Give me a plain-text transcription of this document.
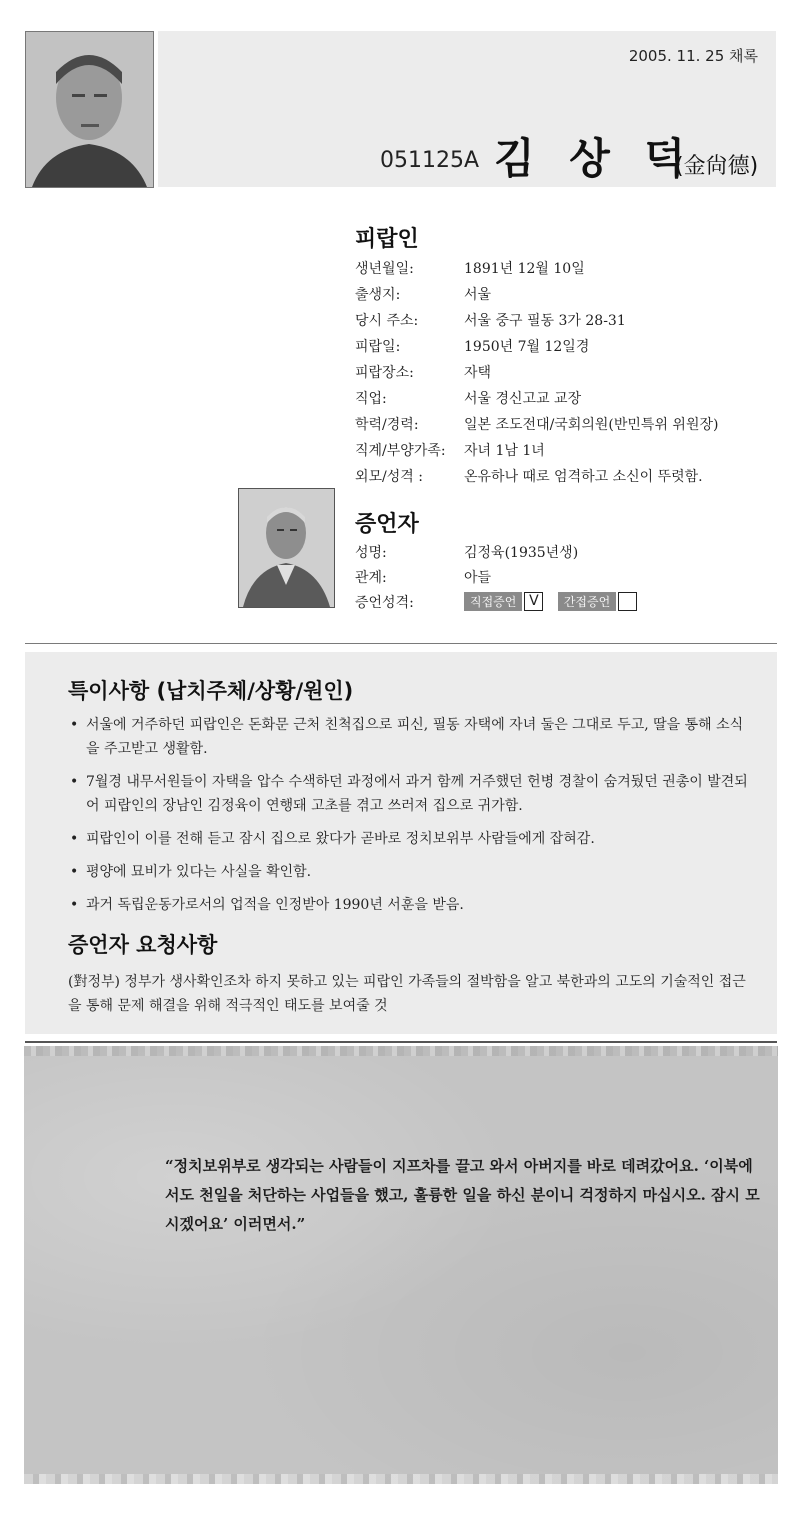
2005. 11. 25 채록
051125A 김 상 덕
(金尙德)
피랍인
생년월일:	1891년 12월 10일
출생지:	서울
당시 주소:	서울 중구 필동 3가 28-31
피랍일:	1950년 7월 12일경
피랍장소:	자택
직업:	서울 경신고교 교장
학력/경력:	일본 조도전대/국회의원(반민특위 위원장)
직계/부양가족: 자녀 1남 1녀
외모/성격 :	온유하나 때로 엄격하고 소신이 뚜렷함.
증언자
성명:	김정육(1935년생)
관계:	아들
증언성격:	직접증언 V 간접증언
특이사항 (납치주체/상황/원인)
• 서울에 거주하던 피랍인은 돈화문 근처 친척집으로 피신, 필동 자택에 자녀 둘은 그대로 두고, 딸을 통해 소식을 주고받고 생활함.
• 7월경 내무서원들이 자택을 압수 수색하던 과정에서 과거 함께 거주했던 헌병 경찰이 숨겨뒀던 권총이 발견되어 피랍인의 장남인 김정육이 연행돼 고초를 겪고 쓰러져 집으로 귀가함.
• 피랍인이 이를 전해 듣고 잠시 집으로 왔다가 곧바로 정치보위부 사람들에게 잡혀감.
• 평양에 묘비가 있다는 사실을 확인함.
• 과거 독립운동가로서의 업적을 인정받아 1990년 서훈을 받음.
증언자 요청사항
(對정부) 정부가 생사확인조차 하지 못하고 있는 피랍인 가족들의 절박함을 알고 북한과의 고도의 기술적인 접근을 통해 문제 해결을 위해 적극적인 태도를 보여줄 것
“정치보위부로 생각되는 사람들이 지프차를 끌고 와서 아버지를 바로 데려갔어요. ‘이북에서도 천일을 처단하는 사업들을 했고, 훌륭한 일을 하신 분이니 걱정하지 마십시오. 잠시 모시겠어요’ 이러면서.”
